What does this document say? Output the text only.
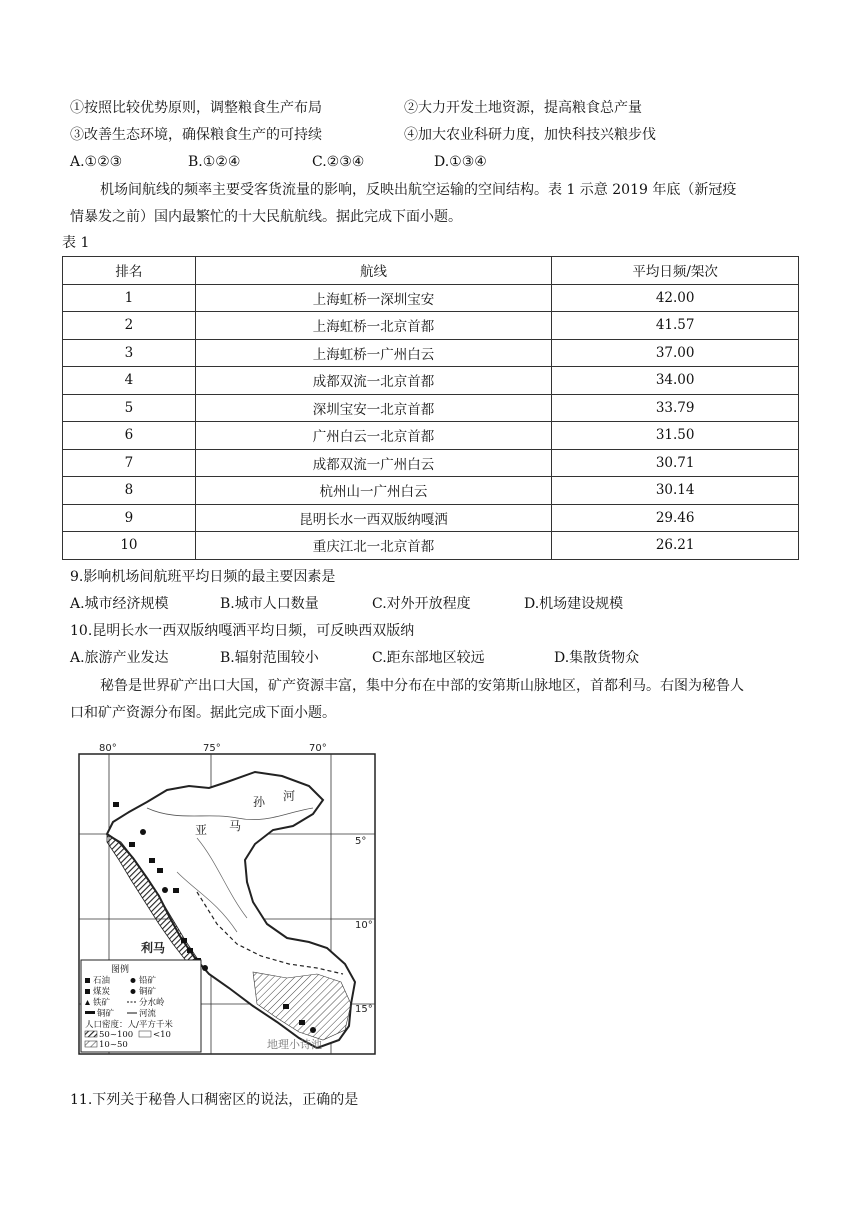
①按照比较优势原则，调整粮食生产布局	②大力开发土地资源，提高粮食总产量
③改善生态环境，确保粮食生产的可持续	④加大农业科研力度，加快科技兴粮步伐
A.①②③	B.①②④	C.②③④	D.①③④
机场间航线的频率主要受客货流量的影响，反映出航空运输的空间结构。表 1 示意 2019 年底（新冠疫
情暴发之前）国内最繁忙的十大民航航线。据此完成下面小题。
表 1
排名	航线	平均日频/架次
1	上海虹桥一深圳宝安	42.00
2	上海虹桥一北京首都	41.57
3	上海虹桥一广州白云	37.00
4	成都双流一北京首都	34.00
5	深圳宝安一北京首都	33.79
6	广州白云一北京首都	31.50
7	成都双流一广州白云	30.71
8	杭州山一广州白云	30.14
9	昆明长水一西双版纳嘎洒	29.46
10	重庆江北一北京首都	26.21
9.影响机场间航班平均日频的最主要因素是
A.城市经济规模	B.城市人口数量	C.对外开放程度	D.机场建设规模
10.昆明长水一西双版纳嘎洒平均日频，可反映西双版纳
A.旅游产业发达	B.辐射范围较小	C.距东部地区较远	D.集散货物众
秘鲁是世界矿产出口大国，矿产资源丰富，集中分布在中部的安第斯山脉地区，首都利马。右图为秘鲁人
口和矿产资源分布图。据此完成下面小题。
80°	75°	70°
5°
10°
15°
亚 马
孙 河
利马
图例
石油	铅矿
煤炭	铜矿
铁矿	分水岭
铜矿	河流
人口密度：人/平方千米
50~100 <10
10~50	地理小诗池
11.下列关于秘鲁人口稠密区的说法，正确的是
